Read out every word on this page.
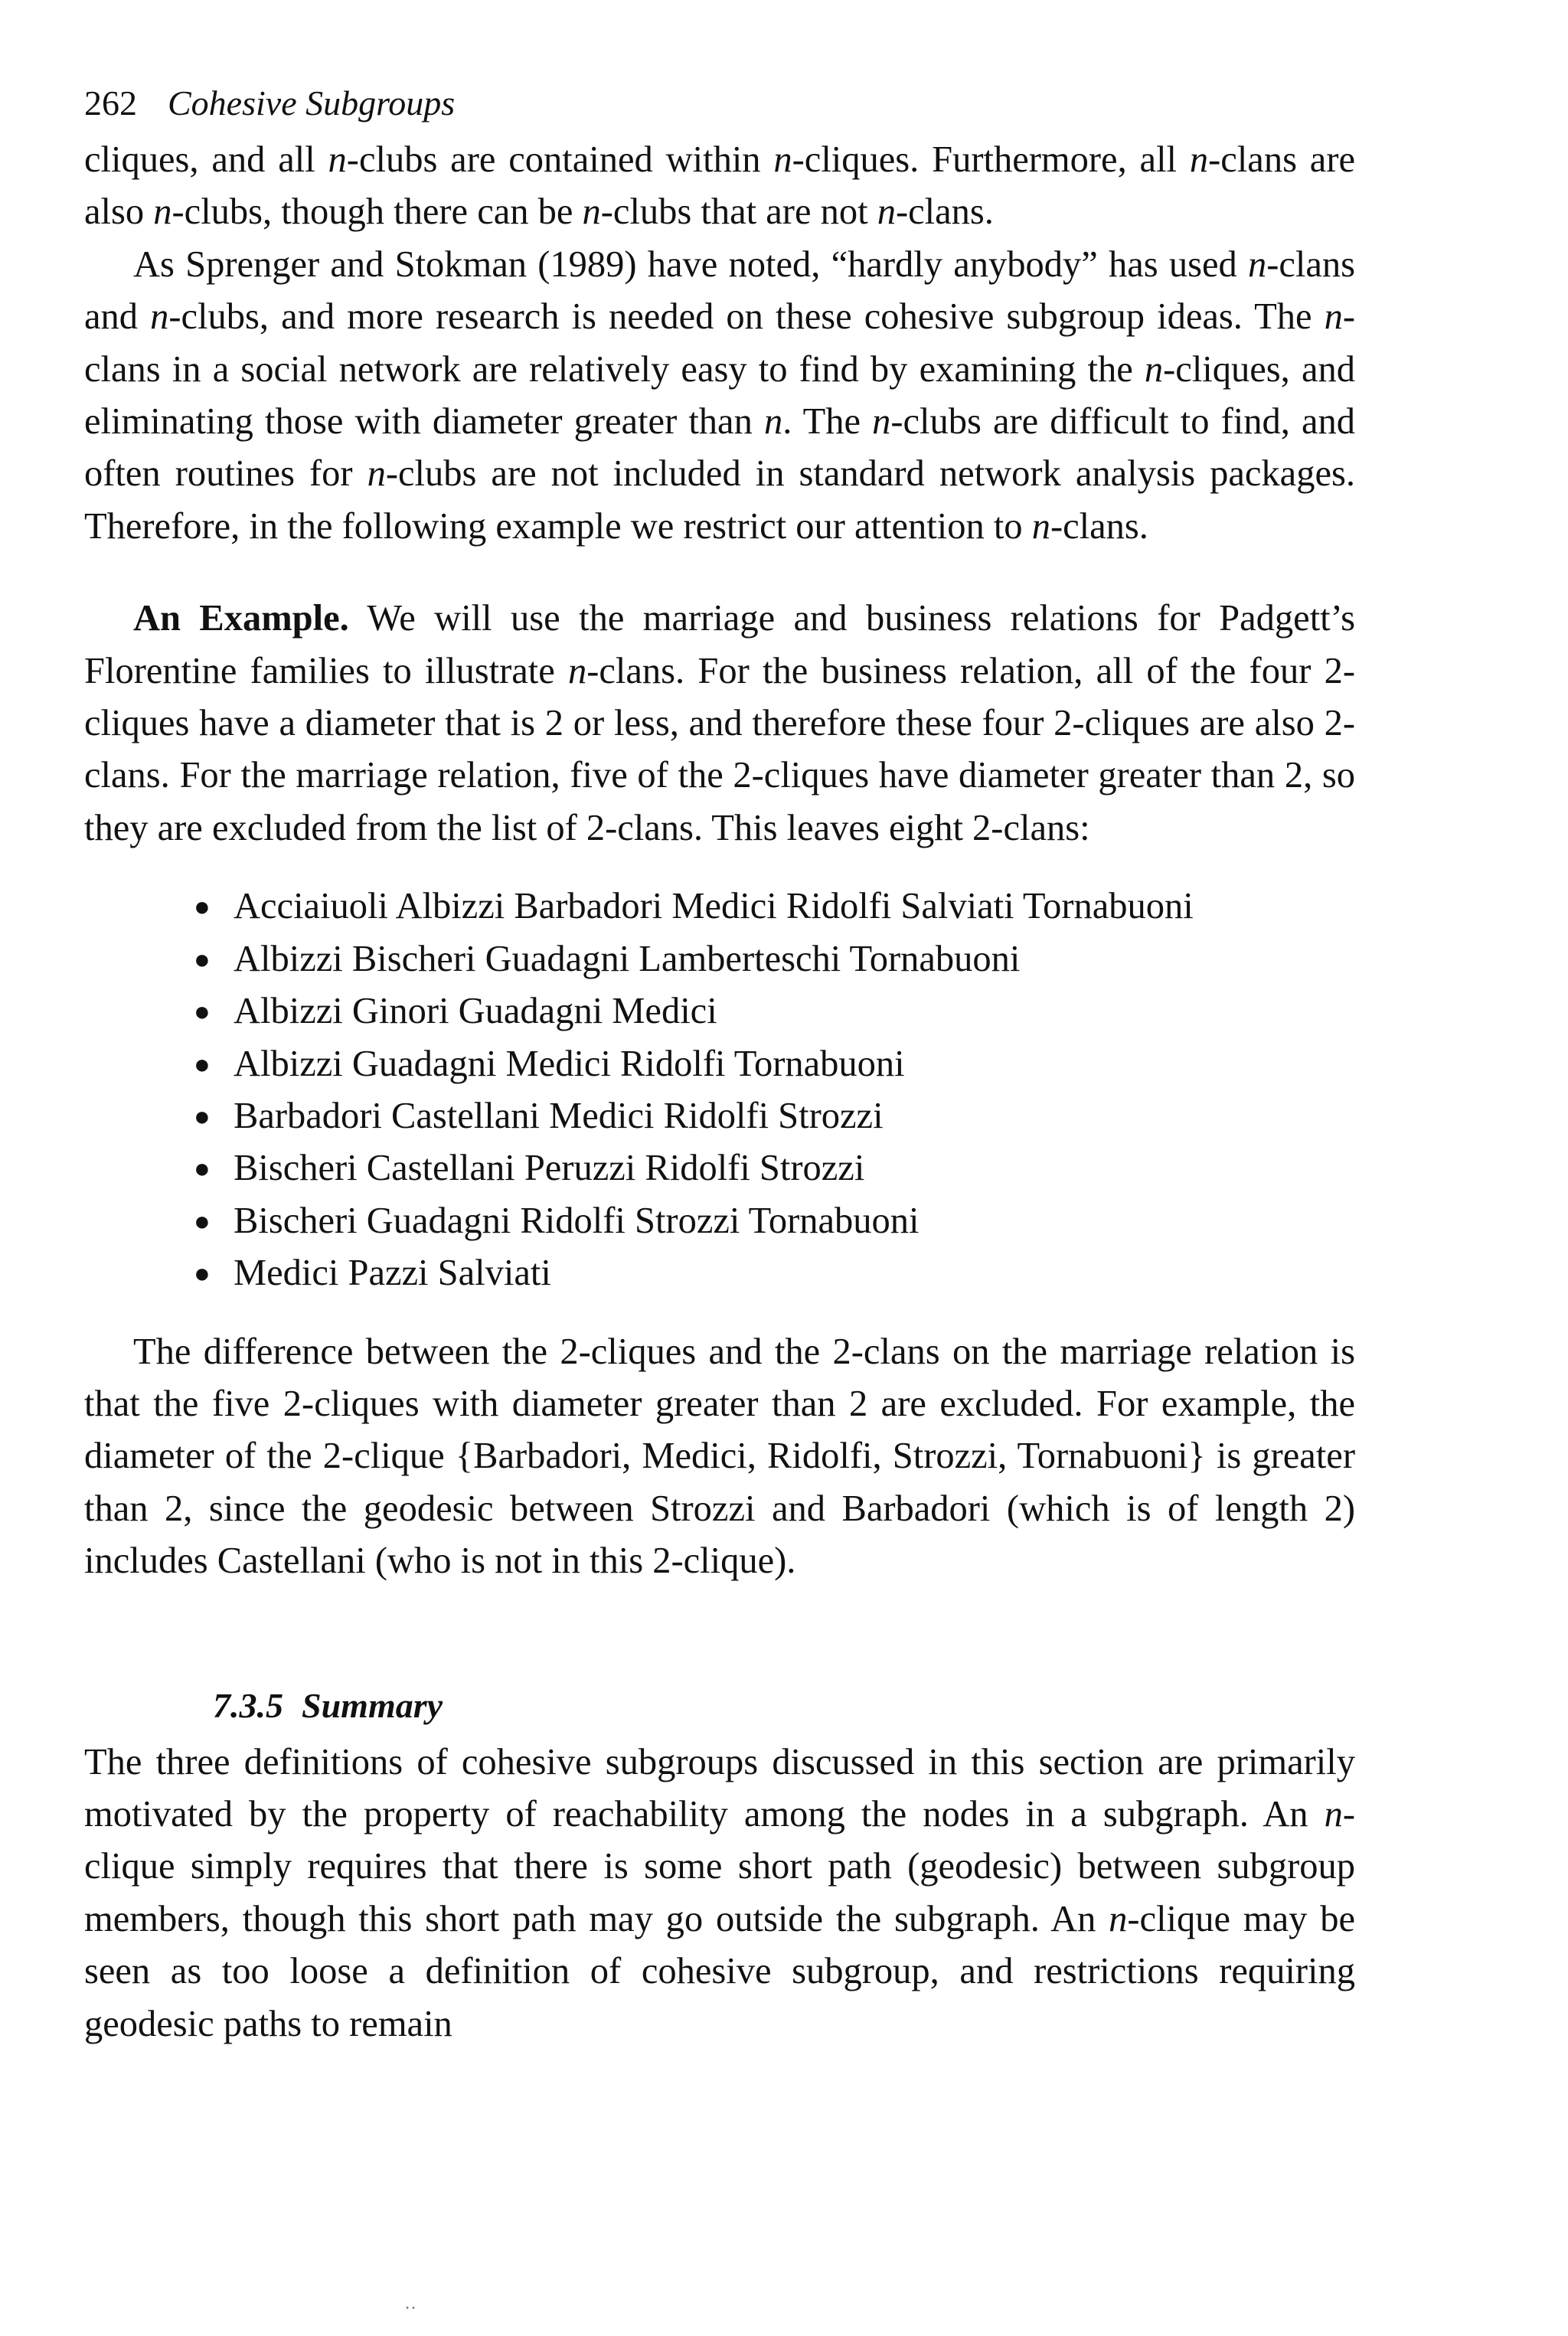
262 Cohesive Subgroups

cliques, and all n-clubs are contained within n-cliques. Furthermore, all n-clans are also n-clubs, though there can be n-clubs that are not n-clans.

As Sprenger and Stokman (1989) have noted, “hardly anybody” has used n-clans and n-clubs, and more research is needed on these cohesive subgroup ideas. The n-clans in a social network are relatively easy to find by examining the n-cliques, and eliminating those with diameter greater than n. The n-clubs are difficult to find, and often routines for n-clubs are not included in standard network analysis packages. Therefore, in the following example we restrict our attention to n-clans.

An Example. We will use the marriage and business relations for Padgett’s Florentine families to illustrate n-clans. For the business relation, all of the four 2-cliques have a diameter that is 2 or less, and therefore these four 2-cliques are also 2-clans. For the marriage relation, five of the 2-cliques have diameter greater than 2, so they are excluded from the list of 2-clans. This leaves eight 2-clans:

● Acciaiuoli Albizzi Barbadori Medici Ridolfi Salviati Tornabuoni
● Albizzi Bischeri Guadagni Lamberteschi Tornabuoni
● Albizzi Ginori Guadagni Medici
● Albizzi Guadagni Medici Ridolfi Tornabuoni
● Barbadori Castellani Medici Ridolfi Strozzi
● Bischeri Castellani Peruzzi Ridolfi Strozzi
● Bischeri Guadagni Ridolfi Strozzi Tornabuoni
● Medici Pazzi Salviati

The difference between the 2-cliques and the 2-clans on the marriage relation is that the five 2-cliques with diameter greater than 2 are excluded. For example, the diameter of the 2-clique {Barbadori, Medici, Ridolfi, Strozzi, Tornabuoni} is greater than 2, since the geodesic between Strozzi and Barbadori (which is of length 2) includes Castellani (who is not in this 2-clique).

7.3.5 Summary

The three definitions of cohesive subgroups discussed in this section are primarily motivated by the property of reachability among the nodes in a subgraph. An n-clique simply requires that there is some short path (geodesic) between subgroup members, though this short path may go outside the subgraph. An n-clique may be seen as too loose a definition of cohesive subgroup, and restrictions requiring geodesic paths to remain

··
